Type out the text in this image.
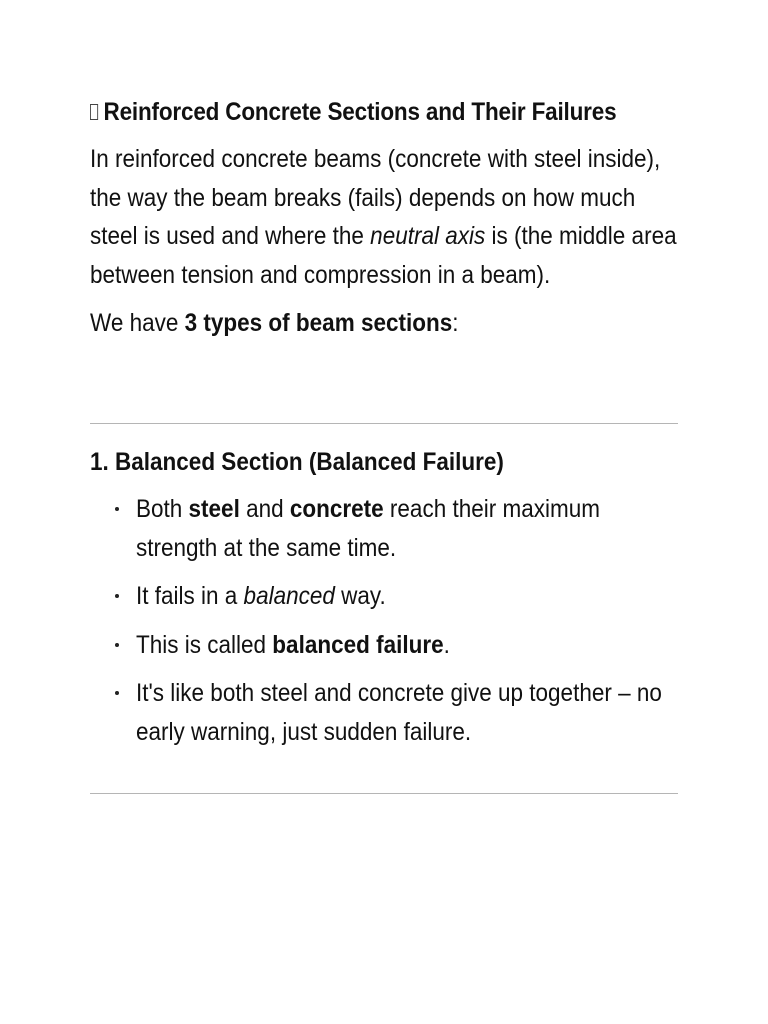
Reinforced Concrete Sections and Their Failures

In reinforced concrete beams (concrete with steel inside), the way the beam breaks (fails) depends on how much steel is used and where the neutral axis is (the middle area between tension and compression in a beam).

We have 3 types of beam sections:

1. Balanced Section (Balanced Failure)
Both steel and concrete reach their maximum strength at the same time.
It fails in a balanced way.
This is called balanced failure.
It's like both steel and concrete give up together – no early warning, just sudden failure.
